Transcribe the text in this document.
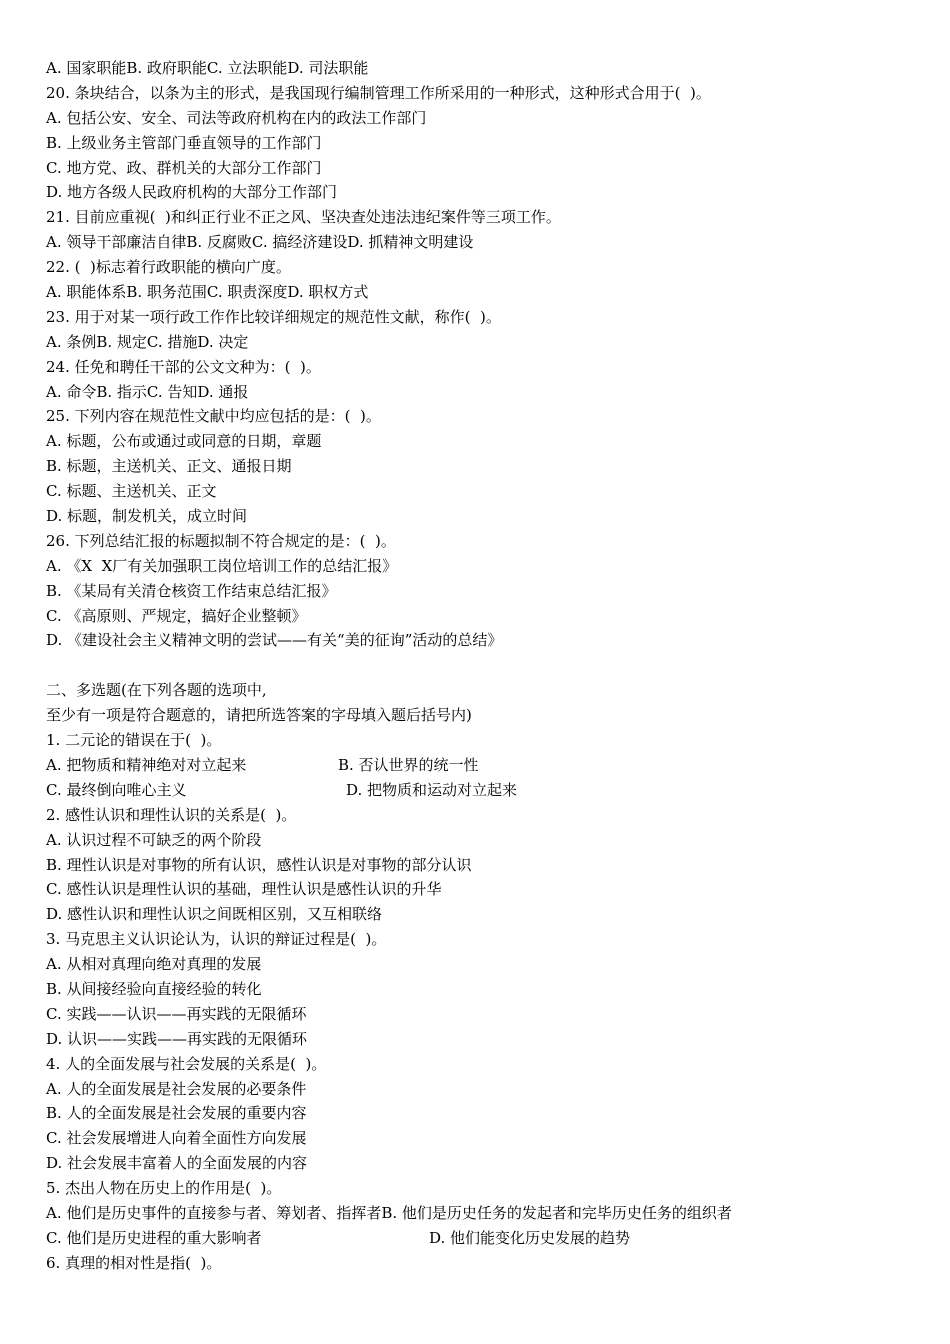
A. 国家职能B. 政府职能C. 立法职能D. 司法职能
20. 条块结合，以条为主的形式，是我国现行编制管理工作所采用的一种形式，这种形式合用于(  )。
A. 包括公安、安全、司法等政府机构在内的政法工作部门
B. 上级业务主管部门垂直领导的工作部门
C. 地方党、政、群机关的大部分工作部门
D. 地方各级人民政府机构的大部分工作部门
21. 目前应重视(  )和纠正行业不正之风、坚决查处违法违纪案件等三项工作。
A. 领导干部廉洁自律B. 反腐败C. 搞经济建设D. 抓精神文明建设
22. (  )标志着行政职能的横向广度。
A. 职能体系B. 职务范围C. 职责深度D. 职权方式
23. 用于对某一项行政工作作比较详细规定的规范性文献，称作(  )。
A. 条例B. 规定C. 措施D. 决定
24. 任免和聘任干部的公文文种为：(  )。
A. 命令B. 指示C. 告知D. 通报
25. 下列内容在规范性文献中均应包括的是：(  )。
A. 标题，公布或通过或同意的日期，章题
B. 标题，主送机关、正文、通报日期
C. 标题、主送机关、正文
D. 标题，制发机关，成立时间
26. 下列总结汇报的标题拟制不符合规定的是：(  )。
A. 《X  X厂有关加强职工岗位培训工作的总结汇报》
B. 《某局有关清仓核资工作结束总结汇报》
C. 《高原则、严规定，搞好企业整顿》
D. 《建设社会主义精神文明的尝试——有关“美的征询”活动的总结》
二、多选题(在下列各题的选项中,
至少有一项是符合题意的，请把所选答案的字母填入题后括号内)
1. 二元论的错误在于(  )。
A. 把物质和精神绝对对立起来	B. 否认世界的统一性
C. 最终倒向唯心主义	D. 把物质和运动对立起来
2. 感性认识和理性认识的关系是(  )。
A. 认识过程不可缺乏的两个阶段
B. 理性认识是对事物的所有认识，感性认识是对事物的部分认识
C. 感性认识是理性认识的基础，理性认识是感性认识的升华
D. 感性认识和理性认识之间既相区别，又互相联络
3. 马克思主义认识论认为，认识的辩证过程是(  )。
A. 从相对真理向绝对真理的发展
B. 从间接经验向直接经验的转化
C. 实践——认识——再实践的无限循环
D. 认识——实践——再实践的无限循环
4. 人的全面发展与社会发展的关系是(  )。
A. 人的全面发展是社会发展的必要条件
B. 人的全面发展是社会发展的重要内容
C. 社会发展增进人向着全面性方向发展
D. 社会发展丰富着人的全面发展的内容
5. 杰出人物在历史上的作用是(  )。
A. 他们是历史事件的直接参与者、筹划者、指挥者B. 他们是历史任务的发起者和完毕历史任务的组织者
C. 他们是历史进程的重大影响者	D. 他们能变化历史发展的趋势
6. 真理的相对性是指(  )。
